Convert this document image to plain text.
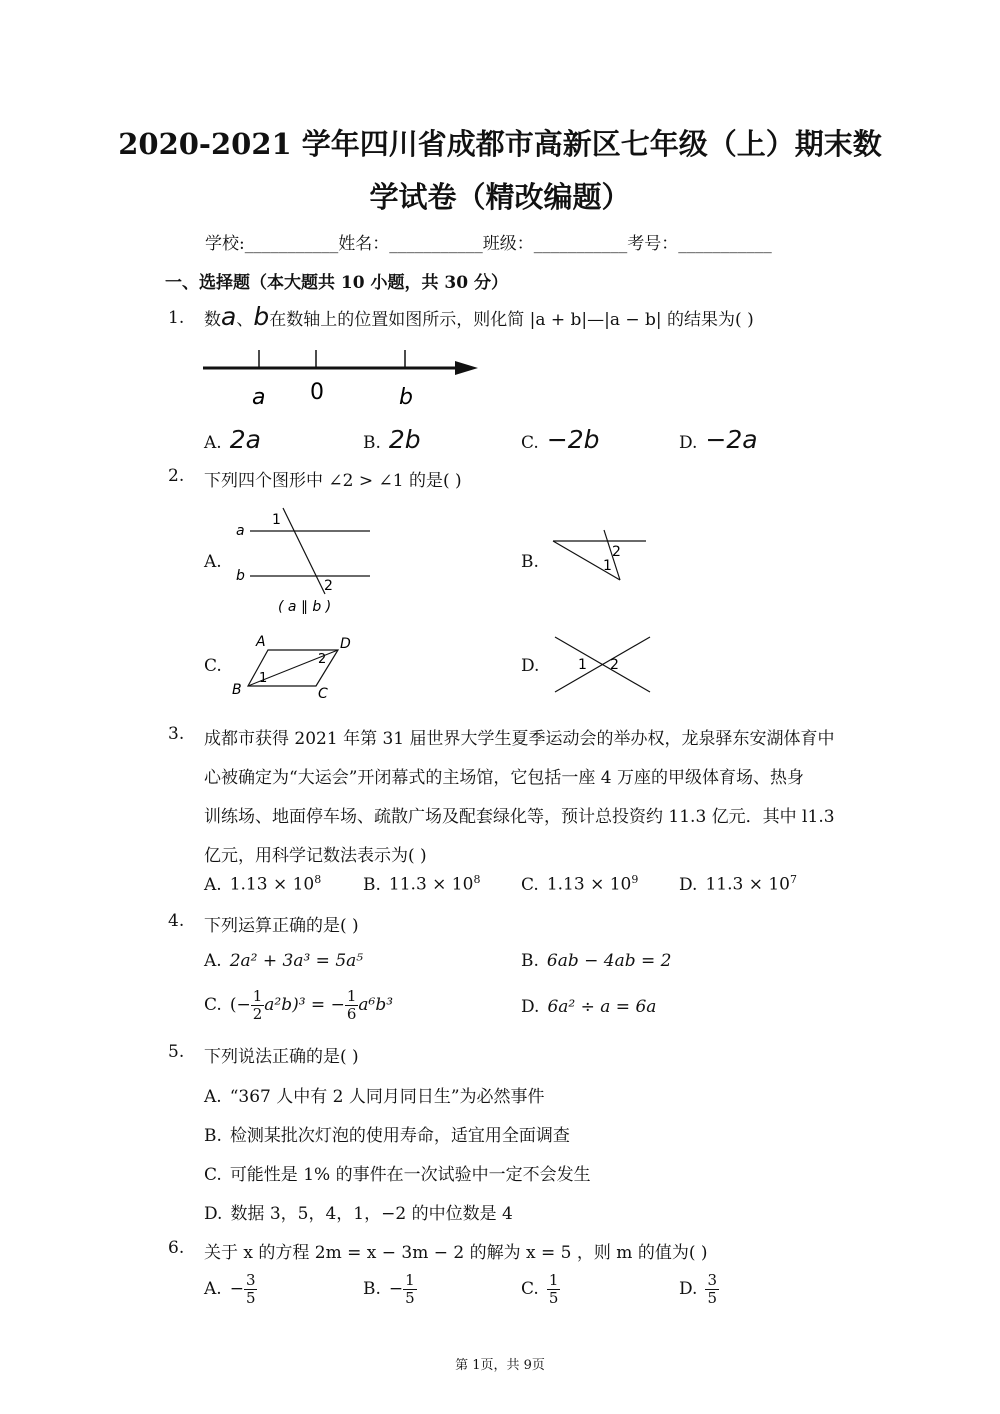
2020-2021 学年四川省成都市高新区七年级（上）期末数
学试卷（精改编题）
学校:___________姓名：___________班级：___________考号：___________
一、选择题（本大题共 10 小题，共 30 分）
1. 数a、b在数轴上的位置如图所示，则化简 |a + b|—|a − b| 的结果为( )
a 0	b
A. 2a	B. 2b	C. −2b	D. −2a
2. 下列四个图形中 ∠2 > ∠1 的是( )
A.
a
b
1
2
( a ∥ b )
B.	2
1
C.
A	D
B	C
1
2	D.	1 2
3. 成都市获得 2021 年第 31 届世界大学生夏季运动会的举办权，龙泉驿东安湖体育中
心被确定为“大运会”开闭幕式的主场馆，它包括一座 4 万座的甲级体育场、热身
训练场、地面停车场、疏散广场及配套绿化等，预计总投资约 11.3 亿元．其中 l1.3
亿元，用科学记数法表示为( )
A. $1.13 \times 10^8$ B. $11.3 \times 10^8$ C. $1.13 \times 10^9$ D. $11.3 \times 10^7$
4. 下列运算正确的是( )
A. 2a² + 3a³ = 5a⁵	B. 6ab − 4ab = 2
C. (− $\frac{1}{2} a^2b)^3$ = − $\frac{1}{6} a^6b^3$	D. 6a² ÷ a = 6a
5. 下列说法正确的是( )
A. “367 人中有 2 人同月同日生”为必然事件
B. 检测某批次灯泡的使用寿命，适宜用全面调查
C. 可能性是 1% 的事件在一次试验中一定不会发生
D. 数据 3，5，4，1，−2 的中位数是 4
6. 关于 x 的方程 2m = x − 3m − 2 的解为 x = 5 ，则 m 的值为( )
A. − $\frac{3}{5}$	B. − $\frac{1}{5}$	C. $\frac{1}{5}$	D. $\frac{3}{5}$
第 1页，共 9页
